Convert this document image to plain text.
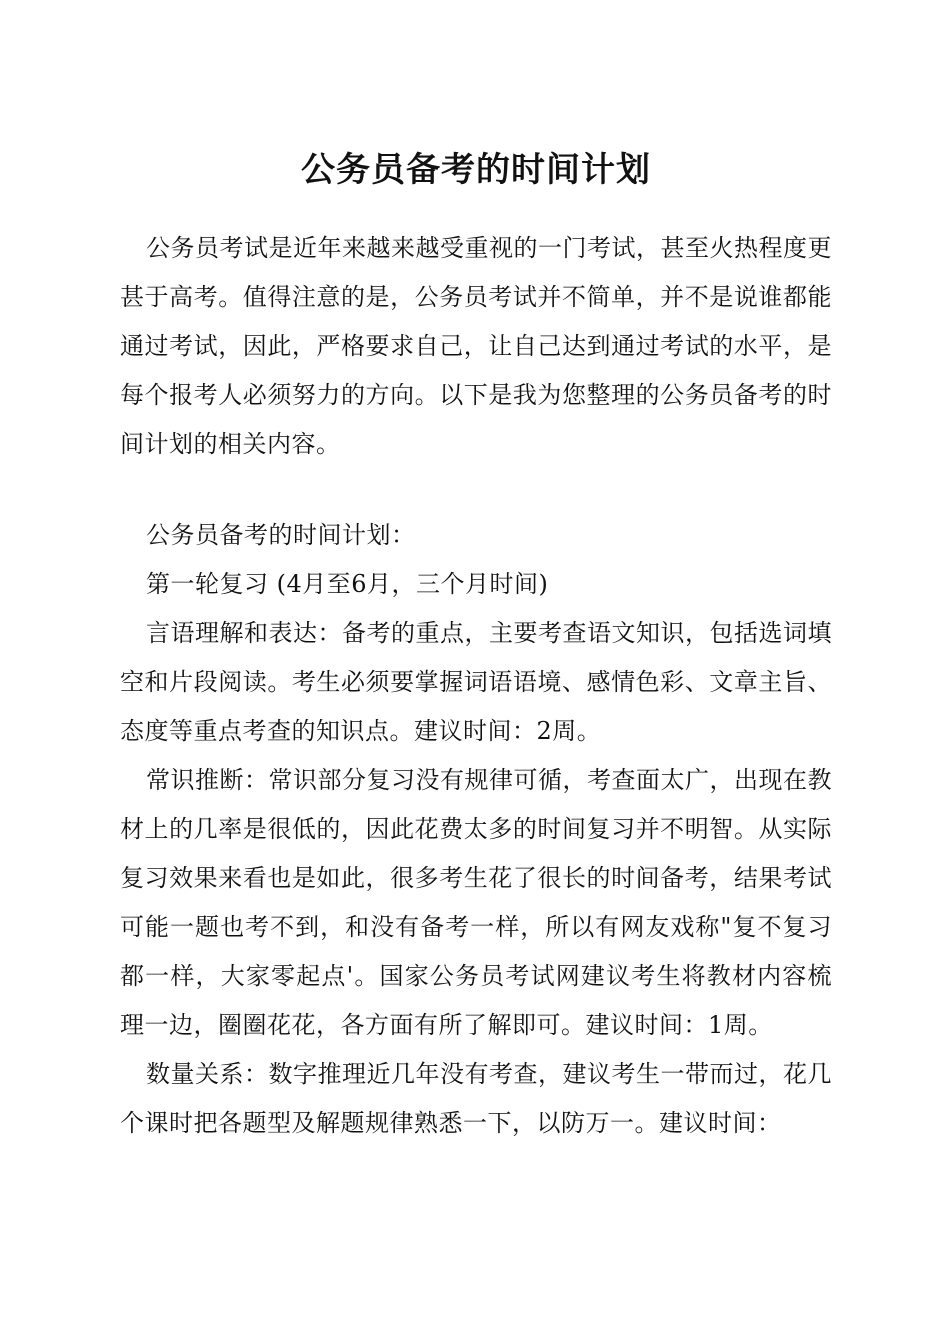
公务员备考的时间计划

公务员考试是近年来越来越受重视的一门考试，甚至火热程度更甚于高考。值得注意的是，公务员考试并不简单，并不是说谁都能通过考试，因此，严格要求自己，让自己达到通过考试的水平，是每个报考人必须努力的方向。以下是我为您整理的公务员备考的时间计划的相关内容。

公务员备考的时间计划：

第一轮复习 (4月至6月，三个月时间)

言语理解和表达：备考的重点，主要考查语文知识，包括选词填空和片段阅读。考生必须要掌握词语语境、感情色彩、文章主旨、态度等重点考查的知识点。建议时间：2周。

常识推断：常识部分复习没有规律可循，考查面太广，出现在教材上的几率是很低的，因此花费太多的时间复习并不明智。从实际复习效果来看也是如此，很多考生花了很长的时间备考，结果考试可能一题也考不到，和没有备考一样，所以有网友戏称"复不复习都一样，大家零起点'。国家公务员考试网建议考生将教材内容梳理一边，圈圈花花，各方面有所了解即可。建议时间：1周。

数量关系：数字推理近几年没有考查，建议考生一带而过，花几个课时把各题型及解题规律熟悉一下，以防万一。建议时间：
